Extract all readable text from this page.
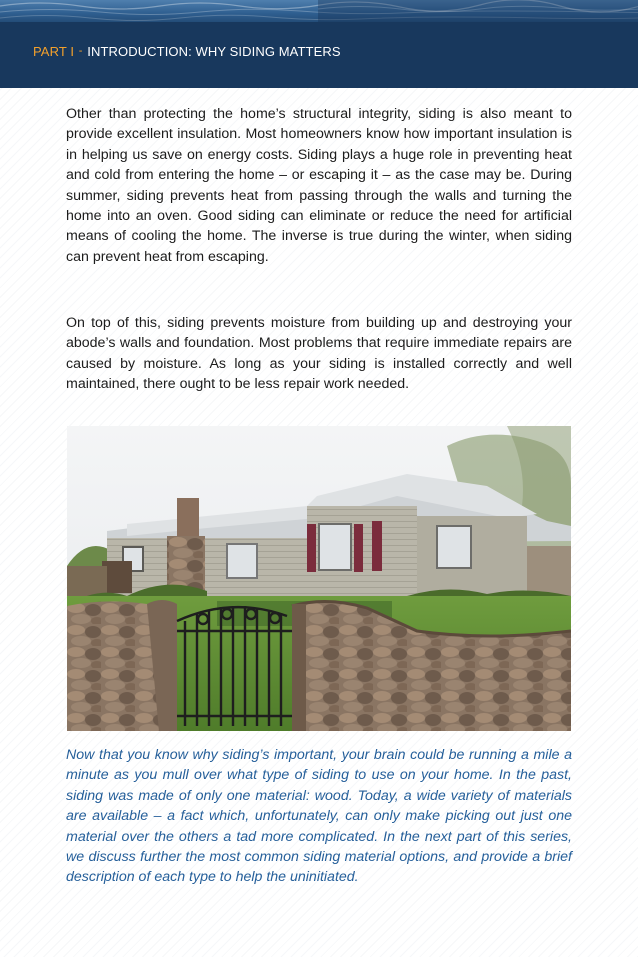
PART I - INTRODUCTION: WHY SIDING MATTERS

Other than protecting the home’s structural integrity, siding is also meant to provide excellent insulation. Most homeowners know how important insulation is in helping us save on energy costs. Siding plays a huge role in preventing heat and cold from entering the home – or escaping it – as the case may be. During summer, siding prevents heat from passing through the walls and turning the home into an oven. Good siding can eliminate or reduce the need for artificial means of cooling the home. The inverse is true during the winter, when siding can prevent heat from escaping.

On top of this, siding prevents moisture from building up and destroying your abode’s walls and foundation. Most problems that require immediate repairs are caused by moisture. As long as your siding is installed correctly and well maintained, there ought to be less repair work needed.

Now that you know why siding’s important, your brain could be running a mile a minute as you mull over what type of siding to use on your home. In the past, siding was made of only one material: wood. Today, a wide variety of materials are available – a fact which, unfortunately, can only make picking out just one material over the others a tad more complicated. In the next part of this series, we discuss further the most common siding material options, and provide a brief description of each type to help the uninitiated.
